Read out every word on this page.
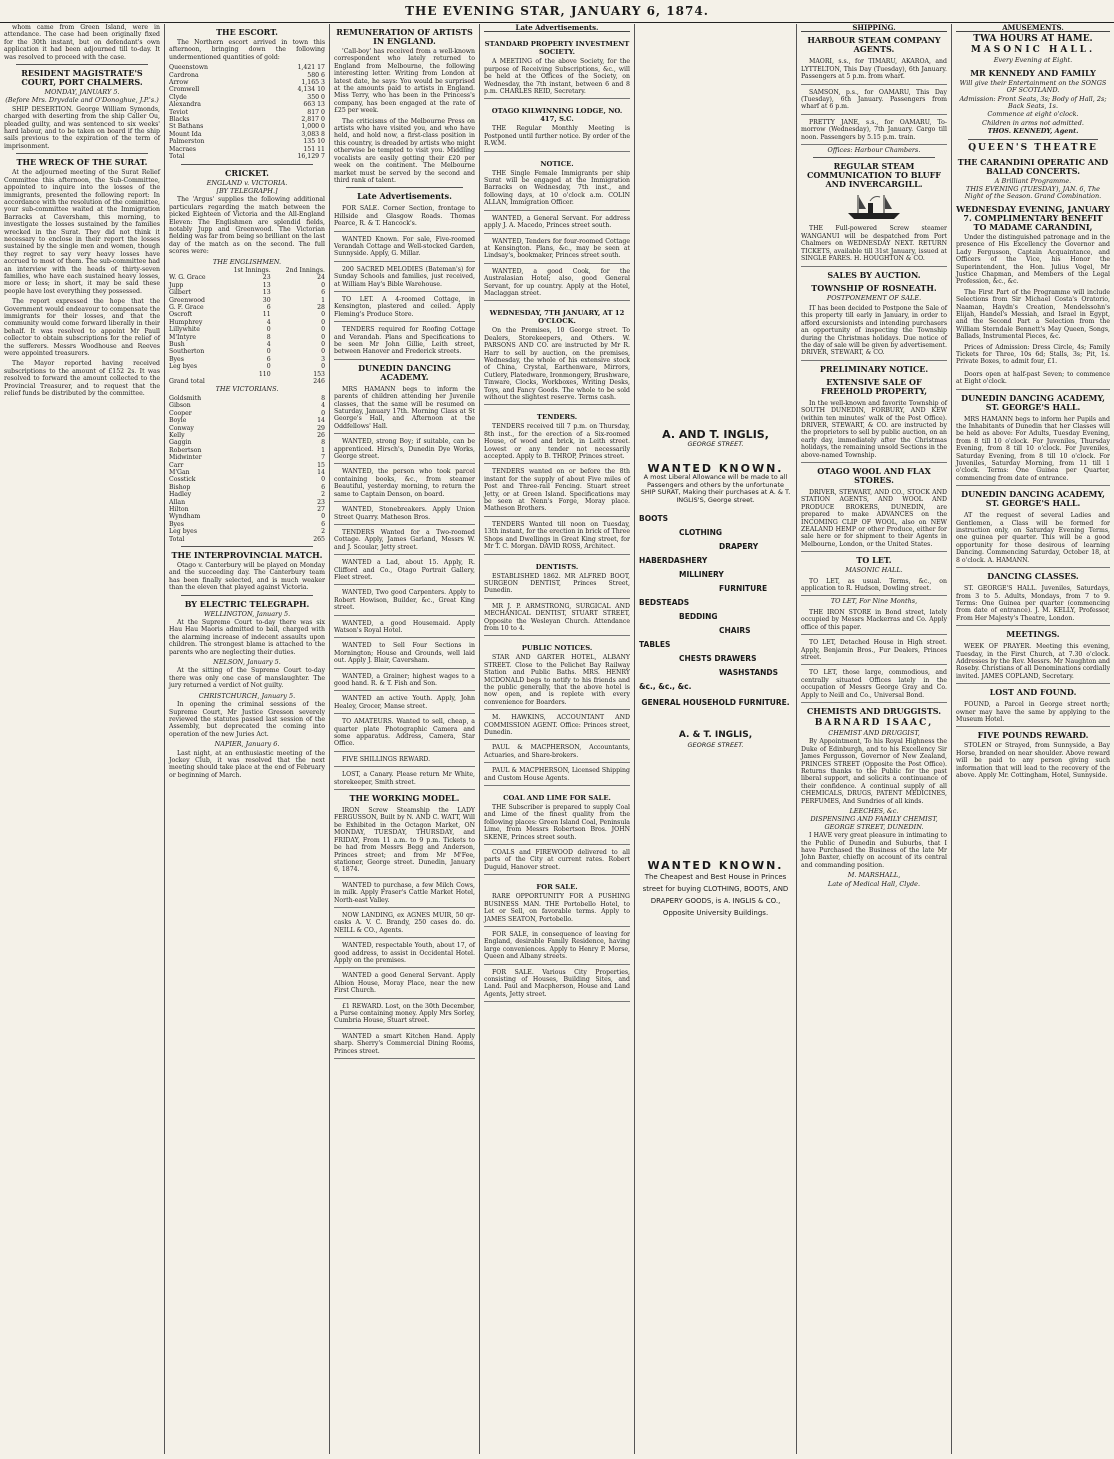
THE EVENING STAR, JANUARY 6, 1874.
whom came from Green Island, were in attendance. The case had been originally fixed for the 30th instant, but on defendant's own application it had been adjourned till to-day. It was resolved to proceed with the case.
RESIDENT MAGISTRATE'S COURT, PORT CHALMERS.
MONDAY, JANUARY 5.
(Before Mrs. Dryvdale and O'Donoghue, J.P.'s.)
SHIP DESERTION. George William Symonds, charged with deserting from the ship Caller Ou, pleaded guilty, and was sentenced to six weeks' hard labour, and to be taken on board if the ship sails previous to the expiration of the term of imprisonment.
THE WRECK OF THE SURAT.
At the adjourned meeting of the Surat Relief Committee this afternoon, the Sub-Committee, appointed to inquire into the losses of the immigrants, presented the following report: In accordance with the resolution of the committee, your sub-committee waited at the Immigration Barracks at Caversham, this morning, to investigate the losses sustained by the families wrecked in the Surat. They did not think it necessary to enclose in their report the losses sustained by the single men and women, though they regret to say very heavy losses have accrued to most of them. The sub-committee had an interview with the heads of thirty-seven families, who have each sustained heavy losses, more or less; in short, it may be said these people have lost everything they possessed.
The report expressed the hope that the Government would endeavour to compensate the immigrants for their losses, and that the community would come forward liberally in their behalf. It was resolved to appoint Mr Paull collector to obtain subscriptions for the relief of the sufferers. Messrs Woodhouse and Reeves were appointed treasurers.
The Mayor reported having received subscriptions to the amount of £152 2s. It was resolved to forward the amount collected to the Provincial Treasurer, and to request that the relief funds be distributed by the committee.
THE ESCORT.
The Northern escort arrived in town this afternoon, bringing down the following undermentioned quantities of gold:
Queenstown	1,421 17
Cardrona	580 6
Arrow	1,165 3
Cromwell	4,134 10
Clyde	350 0
Alexandra	663 13
Teviot	817 0
Blacks	2,817 0
St Bathans	1,000 0
Mount Ida	3,083 8
Palmerston	135 10
Macraes	151 11
Total	16,129 7
CRICKET.
ENGLAND v. VICTORIA.
[BY TELEGRAPH.]
The 'Argus' supplies the following additional particulars regarding the match between the picked Eighteen of Victoria and the All-England Eleven: The Englishmen are splendid fields, notably Jupp and Greenwood. The Victorian fielding was far from being so brilliant on the last day of the match as on the second. The full scores were:
THE ENGLISHMEN.
	1st Innings.	2nd Innings.
W. G. Grace	23	24
Jupp	13	0
Gilbert	13	6
Greenwood	30	1
G. F. Grace	6	28
Oscroft	11	0
Humphrey	4	0
Lillywhite	0	0
M'Intyre	8	0
Bush	4	0
Southerton	0	0
Byes	6	3
Leg byes	0	0
	110	153
Grand total		246
THE VICTORIANS.
Goldsmith	8
Gibson	4
Cooper	0
Boyle	14
Conway	29
Kelly	26
Gaggin	8
Robertson	1
Midwinter	7
Carr	15
M'Gan	14
Cosstick	0
Bishop	6
Hadley	2
Allan	23
Hilton	27
Wyndham	0
Byes	6
Leg byes	2
Total	265
THE INTERPROVINCIAL MATCH.
Otago v. Canterbury will be played on Monday and the succeeding day. The Canterbury team has been finally selected, and is much weaker than the eleven that played against Victoria.
BY ELECTRIC TELEGRAPH.
WELLINGTON, January 5.
At the Supreme Court to-day there was six Hau Hau Maoris admitted to bail, charged with the alarming increase of indecent assaults upon children. The strongest blame is attached to the parents who are neglecting their duties.
NELSON, January 5.
At the sitting of the Supreme Court to-day there was only one case of manslaughter. The jury returned a verdict of Not guilty.
CHRISTCHURCH, January 5.
In opening the criminal sessions of the Supreme Court, Mr Justice Gresson severely reviewed the statutes passed last session of the Assembly, but deprecated the coming into operation of the new Juries Act.
NAPIER, January 6.
Last night, at an enthusiastic meeting of the Jockey Club, it was resolved that the next meeting should take place at the end of February or beginning of March.
REMUNERATION OF ARTISTS IN ENGLAND.
'Call-boy' has received from a well-known correspondent who lately returned to England from Melbourne, the following interesting letter. Writing from London at latest date, he says: You would be surprised at the amounts paid to artists in England. Miss Terry, who has been in the Princess's company, has been engaged at the rate of £25 per week.
The criticisms of the Melbourne Press on artists who have visited you, and who have held, and hold now, a first-class position in this country, is dreaded by artists who might otherwise be tempted to visit you. Middling vocalists are easily getting their £20 per week on the continent. The Melbourne market must be served by the second and third rank of talent.
Late Advertisements.
FOR SALE. Corner Section, frontage to Hillside and Glasgow Roads. Thomas Pearce, R. & T. Hancock's.
WANTED Known. For sale, Five-roomed Verandah Cottage and Well-stocked Garden, Sunnyside. Apply, G. Millar.
200 SACRED MELODIES (Bateman's) for Sunday Schools and families, just received, at William Hay's Bible Warehouse.
TO LET. A 4-roomed Cottage, in Kensington, plastered and ceiled. Apply Fleming's Produce Store.
TENDERS required for Roofing Cottage and Verandah. Plans and Specifications to be seen Mr John Gillie, Leith street, between Hanover and Frederick streets.
DUNEDIN DANCING ACADEMY.
MRS HAMANN begs to inform the parents of children attending her Juvenile classes, that the same will be resumed on Saturday, January 17th. Morning Class at St George's Hall, and Afternoon at the Oddfellows' Hall.
WANTED, strong Boy; if suitable, can be apprenticed. Hirsch's, Dunedin Dye Works, George street.
WANTED, the person who took parcel containing books, &c., from steamer Beautiful, yesterday morning, to return the same to Captain Denson, on board.
WANTED, Stonebreakers. Apply Union Street Quarry. Matheson Bros.
TENDERS Wanted for a Two-roomed Cottage. Apply, James Garland, Messrs W. and J. Scoular, Jetty street.
WANTED a Lad, about 15. Apply, R. Clifford and Co., Otago Portrait Gallery, Fleet street.
WANTED, Two good Carpenters. Apply to Robert Howison, Builder, &c., Great King street.
WANTED, a good Housemaid. Apply Watson's Royal Hotel.
WANTED to Sell Four Sections in Mornington; House and Grounds, well laid out. Apply J. Blair, Caversham.
WANTED, a Grainer; highest wages to a good hand. R. & T. Fish and Son.
WANTED an active Youth. Apply, John Healey, Grocer, Manse street.
TO AMATEURS. Wanted to sell, cheap, a quarter plate Photographic Camera and some apparatus. Address, Camera, Star Office.
FIVE SHILLINGS REWARD.
LOST, a Canary. Please return Mr White, storekeeper, Smith street.
THE WORKING MODEL.
IRON Screw Steamship the LADY FERGUSSON, Built by N. AND C. WATT, Will be Exhibited in the Octagon Market, ON MONDAY, TUESDAY, THURSDAY, and FRIDAY, From 11 a.m. to 9 p.m. Tickets to be had from Messrs Begg and Anderson, Princes street; and from Mr M'Fee, stationer, George street. Dunedin, January 6, 1874.
WANTED to purchase, a few Milch Cows, in milk. Apply Fraser's Cattle Market Hotel, North-east Valley.
NOW LANDING, ex AGNES MUIR, 50 qr-casks A. V. C. Brandy, 250 cases do. do. NEILL & CO., Agents.
WANTED, respectable Youth, about 17, of good address, to assist in Occidental Hotel. Apply on the premises.
WANTED a good General Servant. Apply Albion House, Moray Place, near the new First Church.
£1 REWARD. Lost, on the 30th December, a Purse containing money. Apply Mrs Sorley, Cumbria House, Stuart street.
WANTED a smart Kitchen Hand. Apply sharp. Sherry's Commercial Dining Rooms, Princes street.
Late Advertisements.
STANDARD PROPERTY INVESTMENT SOCIETY.
A MEETING of the above Society, for the purpose of Receiving Subscriptions, &c., will be held at the Offices of the Society, on Wednesday, the 7th instant, between 6 and 8 p.m. CHARLES REID, Secretary.
OTAGO KILWINNING LODGE, NO. 417, S.C.
THE Regular Monthly Meeting is Postponed until further notice. By order of the R.W.M.
NOTICE.
THE Single Female Immigrants per ship Surat will be engaged at the Immigration Barracks on Wednesday, 7th inst., and following days, at 10 o'clock a.m. COLIN ALLAN, Immigration Officer.
WANTED, a General Servant. For address apply J. A. Macedo, Princes street south.
WANTED, Tenders for four-roomed Cottage at Kensington. Plans, &c., may be seen at Lindsay's, bookmaker, Princes street south.
WANTED, a good Cook, for the Australasian Hotel; also, good General Servant, for up country. Apply at the Hotel, Maclaggan street.
WEDNESDAY, 7TH JANUARY, AT 12 O'CLOCK.
On the Premises, 10 George street. To Dealers, Storekeepers, and Others. W. PARSONS AND CO. are instructed by Mr R. Harr to sell by auction, on the premises, Wednesday, the whole of his extensive stock of China, Crystal, Earthenware, Mirrors, Cutlery, Platedware, Ironmongery, Brushware, Tinware, Clocks, Workboxes, Writing Desks, Toys, and Fancy Goods. The whole to be sold without the slightest reserve. Terms cash.
TENDERS.
TENDERS received till 7 p.m. on Thursday, 8th inst., for the erection of a Six-roomed House, of wood and brick, in Leith street. Lowest or any tender not necessarily accepted. Apply to B. THROP, Princes street.
TENDERS wanted on or before the 8th instant for the supply of about Five miles of Post and Three-rail Fencing. Stuart street Jetty, or at Green Island. Specifications may be seen at Nenn's Forge, Moray place. Matheson Brothers.
TENDERS Wanted till noon on Tuesday, 13th instant, for the erection in brick of Three Shops and Dwellings in Great King street, for Mr T. C. Morgan. DAVID ROSS, Architect.
DENTISTS.
ESTABLISHED 1862. MR ALFRED BOOT, SURGEON DENTIST, Princes Street, Dunedin.
MR J. P. ARMSTRONG, SURGICAL AND MECHANICAL DENTIST, STUART STREET, Opposite the Wesleyan Church. Attendance from 10 to 4.
PUBLIC NOTICES.
STAR AND GARTER HOTEL, ALBANY STREET. Close to the Pelichet Bay Railway Station and Public Baths. MRS. HENRY MCDONALD begs to notify to his friends and the public generally, that the above hotel is now open, and is replete with every convenience for Boarders.
M. HAWKINS, ACCOUNTANT AND COMMISSION AGENT. Office: Princes street, Dunedin.
PAUL & MACPHERSON, Accountants, Actuaries, and Share-brokers.
PAUL & MACPHERSON, Licensed Shipping and Custom House Agents.
COAL AND LIME FOR SALE.
THE Subscriber is prepared to supply Coal and Lime of the finest quality from the following places: Green Island Coal, Peninsula Lime, from Messrs Robertson Bros. JOHN SKENE, Princes street south.
COALS and FIREWOOD delivered to all parts of the City at current rates. Robert Duguid, Hanover street.
FOR SALE.
RARE OPPORTUNITY FOR A PUSHING BUSINESS MAN. THE Portobello Hotel, to Let or Sell, on favorable terms. Apply to JAMES SEATON, Portobello.
FOR SALE, in consequence of leaving for England, desirable Family Residence, having large conveniences. Apply to Henry P. Morse, Queen and Albany streets.
FOR SALE. Various City Properties, consisting of Houses, Building Sites, and Land. Paul and Macpherson, House and Land Agents, Jetty street.
A. AND T. INGLIS,
GEORGE STREET.
WANTED KNOWN.
A most Liberal Allowance will be made to all Passengers and others by the unfortunate SHIP SURAT, Making their purchases at A. & T. INGLIS'S, George street.
BOOTS
CLOTHING
DRAPERY
HABERDASHERY
MILLINERY
FURNITURE
BEDSTEADS
BEDDING
CHAIRS
TABLES
CHESTS DRAWERS
WASHSTANDS
&c., &c., &c.
GENERAL HOUSEHOLD FURNITURE.
A. & T. INGLIS,
GEORGE STREET.
WANTED KNOWN.
The Cheapest and Best House in Princes street for buying CLOTHING, BOOTS, AND DRAPERY GOODS, is A. INGLIS & CO., Opposite University Buildings.
SHIPPING.
HARBOUR STEAM COMPANY AGENTS.
MAORI, s.s., for TIMARU, AKAROA, and LYTTELTON, This Day (Tuesday), 6th January. Passengers at 5 p.m. from wharf.
SAMSON, p.s., for OAMARU, This Day (Tuesday), 6th January. Passengers from wharf at 6 p.m.
PRETTY JANE, s.s., for OAMARU, To-morrow (Wednesday), 7th January. Cargo till noon. Passengers by 5.15 p.m. train.
Offices: Harbour Chambers.
REGULAR STEAM COMMUNICATION TO BLUFF AND INVERCARGILL.
THE Full-powered Screw steamer WANGANUI will be despatched from Port Chalmers on WEDNESDAY NEXT. RETURN TICKETS, available till 31st January, issued at SINGLE FARES. H. HOUGHTON & CO.
SALES BY AUCTION.
TOWNSHIP OF ROSNEATH.
POSTPONEMENT OF SALE.
IT has been decided to Postpone the Sale of this property till early in January, in order to afford excursionists and intending purchasers an opportunity of inspecting the Township during the Christmas holidays. Due notice of the day of sale will be given by advertisement. DRIVER, STEWART, & CO.
PRELIMINARY NOTICE.
EXTENSIVE SALE OF FREEHOLD PROPERTY,
In the well-known and favorite Township of SOUTH DUNEDIN, FORBURY, AND KEW (within ten minutes' walk of the Post Office). DRIVER, STEWART, & CO. are instructed by the proprietors to sell by public auction, on an early day, immediately after the Christmas holidays, the remaining unsold Sections in the above-named Township.
OTAGO WOOL AND FLAX STORES.
DRIVER, STEWART, AND CO., STOCK AND STATION AGENTS, AND WOOL AND PRODUCE BROKERS, DUNEDIN, are prepared to make ADVANCES on the INCOMING CLIP OF WOOL, also on NEW ZEALAND HEMP or other Produce, either for sale here or for shipment to their Agents in Melbourne, London, or the United States.
TO LET.
MASONIC HALL.
TO LET, as usual. Terms, &c., on application to R. Hudson, Dowling street.
TO LET, For Nine Months,
THE IRON STORE in Bond street, lately occupied by Messrs Mackerras and Co. Apply office of this paper.
TO LET, Detached House in High street. Apply, Benjamin Bros., Fur Dealers, Princes street.
TO LET, those large, commodious, and centrally situated Offices lately in the occupation of Messrs George Gray and Co. Apply to Neill and Co., Universal Bond.
CHEMISTS AND DRUGGISTS.
BARNARD ISAAC,
CHEMIST AND DRUGGIST,
By Appointment, To his Royal Highness the Duke of Edinburgh, and to his Excellency Sir James Fergusson, Governor of New Zealand, PRINCES STREET (Opposite the Post Office). Returns thanks to the Public for the past liberal support, and solicits a continuance of their confidence. A continual supply of all CHEMICALS, DRUGS, PATENT MEDICINES, PERFUMES, And Sundries of all kinds.
LEECHES, &c.
DISPENSING AND FAMILY CHEMIST, GEORGE STREET, DUNEDIN.
I HAVE very great pleasure in intimating to the Public of Dunedin and Suburbs, that I have Purchased the Business of the late Mr John Baxter, chiefly on account of its central and commanding position.
M. MARSHALL,
Late of Medical Hall, Clyde.
AMUSEMENTS.
TWA HOURS AT HAME.
MASONIC HALL.
Every Evening at Eight.
MR KENNEDY AND FAMILY
Will give their Entertainment on the SONGS OF SCOTLAND.
Admission: Front Seats, 3s; Body of Hall, 2s; Back Seats, 1s.
Commence at eight o'clock.
Children in arms not admitted.
THOS. KENNEDY, Agent.
QUEEN'S THEATRE
THE CARANDINI OPERATIC AND BALLAD CONCERTS.
A Brilliant Programme.
THIS EVENING (TUESDAY), JAN. 6, The Night of the Season. Grand Combination.
WEDNESDAY EVENING, JANUARY 7. COMPLIMENTARY BENEFIT TO MADAME CARANDINI,
Under the distinguished patronage and in the presence of His Excellency the Governor and Lady Fergusson, Captain Acquaintance, and Officers of the Vice, his Honor the Superintendent, the Hon. Julius Vogel, Mr Justice Chapman, and Members of the Legal Profession, &c., &c.
The First Part of the Programme will include Selections from Sir Michael Costa's Oratorio, Naaman, Haydn's Creation, Mendelssohn's Elijah, Handel's Messiah, and Israel in Egypt, and the Second Part a Selection from the William Sterndale Bennett's May Queen, Songs, Ballads, Instrumental Pieces, &c.
Prices of Admission: Dress Circle, 4s; Family Tickets for Three, 10s 6d; Stalls, 3s; Pit, 1s. Private Boxes, to admit four, £1.
Doors open at half-past Seven; to commence at Eight o'clock.
DUNEDIN DANCING ACADEMY, ST. GEORGE'S HALL.
MRS HAMANN begs to inform her Pupils and the Inhabitants of Dunedin that her Classes will be held as above: For Adults, Tuesday Evening, from 8 till 10 o'clock. For Juveniles, Thursday Evening, from 8 till 10 o'clock. For Juveniles, Saturday Evening, from 8 till 10 o'clock. For Juveniles, Saturday Morning, from 11 till 1 o'clock. Terms: One Guinea per Quarter, commencing from date of entrance.
DUNEDIN DANCING ACADEMY, ST. GEORGE'S HALL.
AT the request of several Ladies and Gentlemen, a Class will be formed for instruction only, on Saturday Evening Terms, one guinea per quarter. This will be a good opportunity for those desirous of learning Dancing. Commencing Saturday, October 18, at 8 o'clock. A. HAMANN.
DANCING CLASSES.
ST. GEORGE'S HALL. Juveniles, Saturdays, from 3 to 5. Adults, Mondays, from 7 to 9. Terms: One Guinea per quarter (commencing from date of entrance). J. M. KELLY, Professor, From Her Majesty's Theatre, London.
MEETINGS.
WEEK OF PRAYER. Meeting this evening, Tuesday, in the First Church, at 7.30 o'clock. Addresses by the Rev. Messrs. Mr Naughton and Roseby. Christians of all Denominations cordially invited. JAMES COPLAND, Secretary.
LOST AND FOUND.
FOUND, a Parcel in George street north; owner may have the same by applying to the Museum Hotel.
FIVE POUNDS REWARD.
STOLEN or Strayed, from Sunnyside, a Bay Horse, branded on near shoulder. Above reward will be paid to any person giving such information that will lead to the recovery of the above. Apply Mr. Cottingham, Hotel, Sunnyside.
